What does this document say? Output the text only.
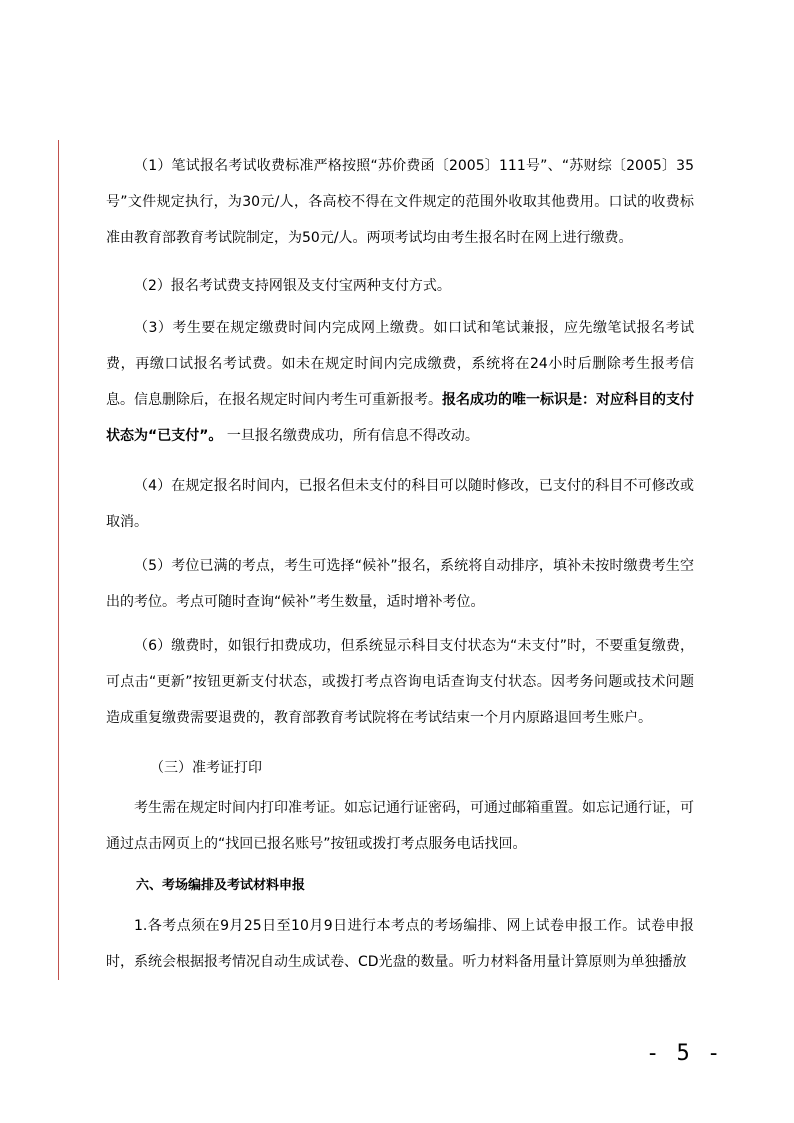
（1）笔试报名考试收费标准严格按照“苏价费函〔2005〕111号”、“苏财综〔2005〕35号”文件规定执行，为30元/人，各高校不得在文件规定的范围外收取其他费用。口试的收费标准由教育部教育考试院制定，为50元/人。两项考试均由考生报名时在网上进行缴费。

（2）报名考试费支持网银及支付宝两种支付方式。

（3）考生要在规定缴费时间内完成网上缴费。如口试和笔试兼报，应先缴笔试报名考试费，再缴口试报名考试费。如未在规定时间内完成缴费，系统将在24小时后删除考生报考信息。信息删除后，在报名规定时间内考生可重新报考。报名成功的唯一标识是：对应科目的支付状态为“已支付”。 一旦报名缴费成功，所有信息不得改动。

（4）在规定报名时间内，已报名但未支付的科目可以随时修改，已支付的科目不可修改或取消。

（5）考位已满的考点，考生可选择“候补”报名，系统将自动排序，填补未按时缴费考生空出的考位。考点可随时查询“候补”考生数量，适时增补考位。

（6）缴费时，如银行扣费成功，但系统显示科目支付状态为“未支付”时，不要重复缴费，可点击“更新”按钮更新支付状态，或拨打考点咨询电话查询支付状态。因考务问题或技术问题造成重复缴费需要退费的，教育部教育考试院将在考试结束一个月内原路退回考生账户。

（三）准考证打印

考生需在规定时间内打印准考证。如忘记通行证密码，可通过邮箱重置。如忘记通行证，可通过点击网页上的“找回已报名账号”按钮或拨打考点服务电话找回。

六、考场编排及考试材料申报

1.各考点须在9月25日至10月9日进行本考点的考场编排、网上试卷申报工作。试卷申报时，系统会根据报考情况自动生成试卷、CD光盘的数量。听力材料备用量计算原则为单独播放

- 5 -
